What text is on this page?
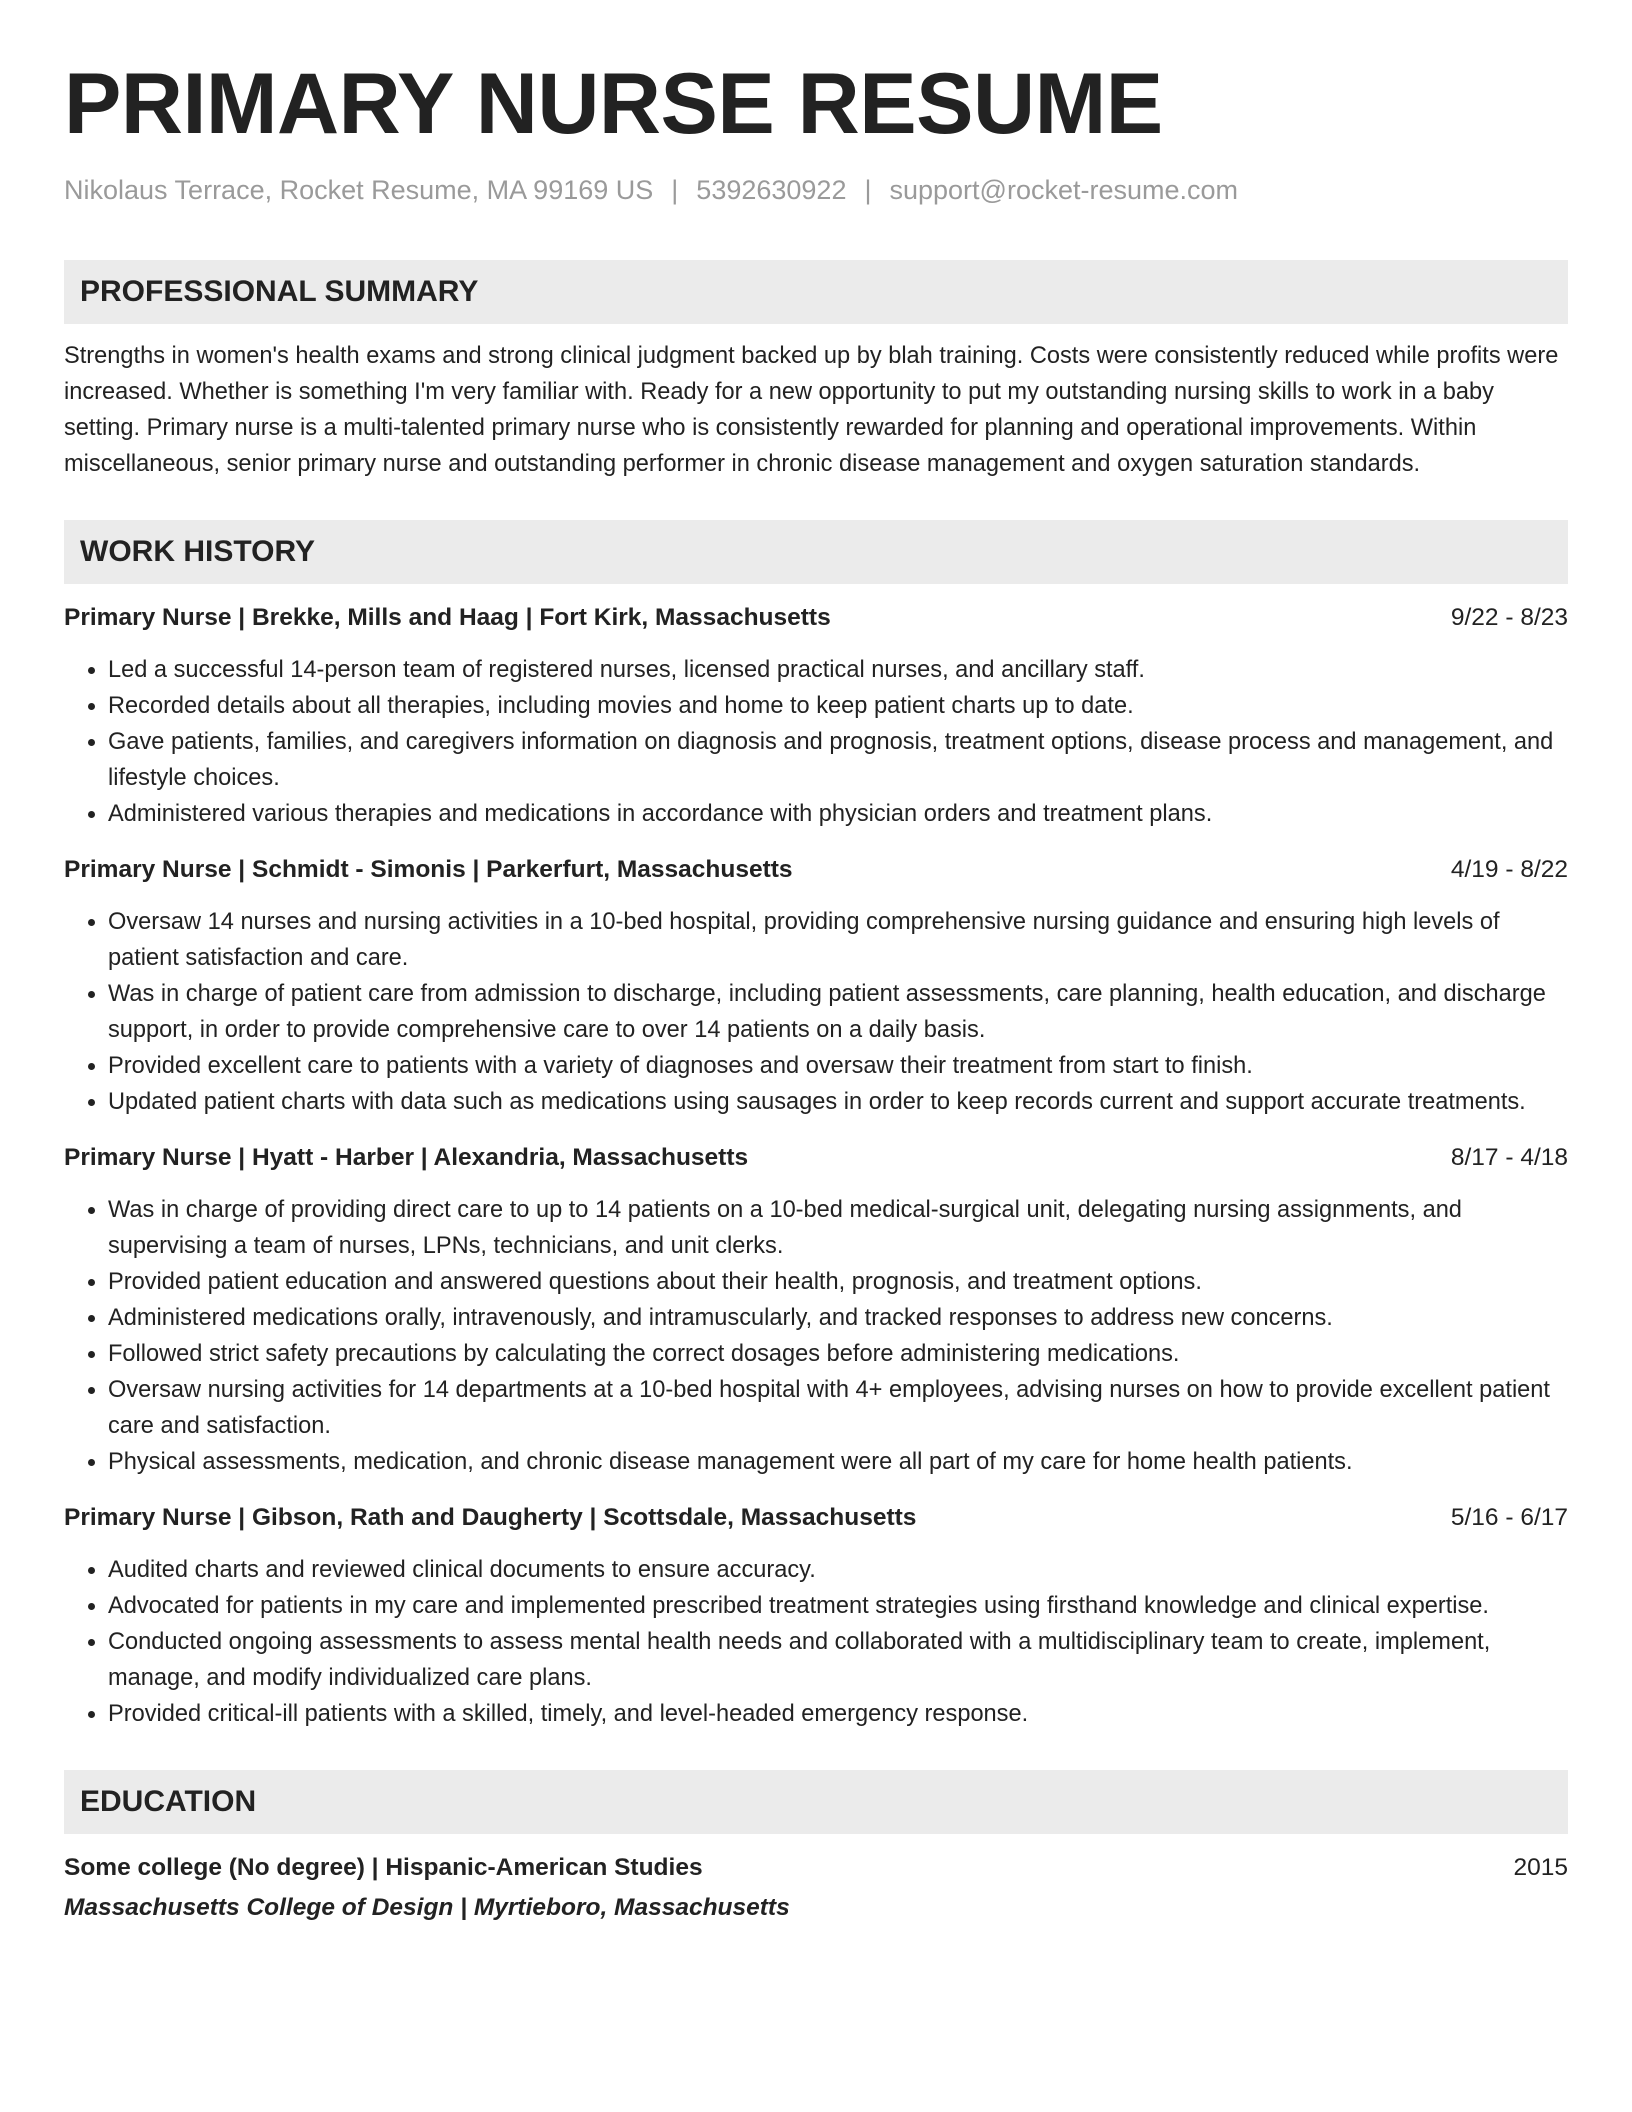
PRIMARY NURSE RESUME
Nikolaus Terrace, Rocket Resume, MA 99169 US | 5392630922 | support@rocket-resume.com
PROFESSIONAL SUMMARY

Strengths in women's health exams and strong clinical judgment backed up by blah training. Costs were consistently reduced while profits were increased. Whether is something I'm very familiar with. Ready for a new opportunity to put my outstanding nursing skills to work in a baby setting. Primary nurse is a multi-talented primary nurse who is consistently rewarded for planning and operational improvements. Within miscellaneous, senior primary nurse and outstanding performer in chronic disease management and oxygen saturation standards.

WORK HISTORY
Primary Nurse | Brekke, Mills and Haag | Fort Kirk, Massachusetts	9/22 - 8/23
• Led a successful 14-person team of registered nurses, licensed practical nurses, and ancillary staff.
• Recorded details about all therapies, including movies and home to keep patient charts up to date.
• Gave patients, families, and caregivers information on diagnosis and prognosis, treatment options, disease process and management, and lifestyle choices.
• Administered various therapies and medications in accordance with physician orders and treatment plans.
Primary Nurse | Schmidt - Simonis | Parkerfurt, Massachusetts	4/19 - 8/22
• Oversaw 14 nurses and nursing activities in a 10-bed hospital, providing comprehensive nursing guidance and ensuring high levels of patient satisfaction and care.
• Was in charge of patient care from admission to discharge, including patient assessments, care planning, health education, and discharge support, in order to provide comprehensive care to over 14 patients on a daily basis.
• Provided excellent care to patients with a variety of diagnoses and oversaw their treatment from start to finish.
• Updated patient charts with data such as medications using sausages in order to keep records current and support accurate treatments.
Primary Nurse | Hyatt - Harber | Alexandria, Massachusetts	8/17 - 4/18
• Was in charge of providing direct care to up to 14 patients on a 10-bed medical-surgical unit, delegating nursing assignments, and supervising a team of nurses, LPNs, technicians, and unit clerks.
• Provided patient education and answered questions about their health, prognosis, and treatment options.
• Administered medications orally, intravenously, and intramuscularly, and tracked responses to address new concerns.
• Followed strict safety precautions by calculating the correct dosages before administering medications.
• Oversaw nursing activities for 14 departments at a 10-bed hospital with 4+ employees, advising nurses on how to provide excellent patient care and satisfaction.
• Physical assessments, medication, and chronic disease management were all part of my care for home health patients.
Primary Nurse | Gibson, Rath and Daugherty | Scottsdale, Massachusetts	5/16 - 6/17
• Audited charts and reviewed clinical documents to ensure accuracy.
• Advocated for patients in my care and implemented prescribed treatment strategies using firsthand knowledge and clinical expertise.
• Conducted ongoing assessments to assess mental health needs and collaborated with a multidisciplinary team to create, implement, manage, and modify individualized care plans.
• Provided critical-ill patients with a skilled, timely, and level-headed emergency response.
EDUCATION
Some college (No degree) | Hispanic-American Studies	2015
Massachusetts College of Design | Myrtieboro, Massachusetts
